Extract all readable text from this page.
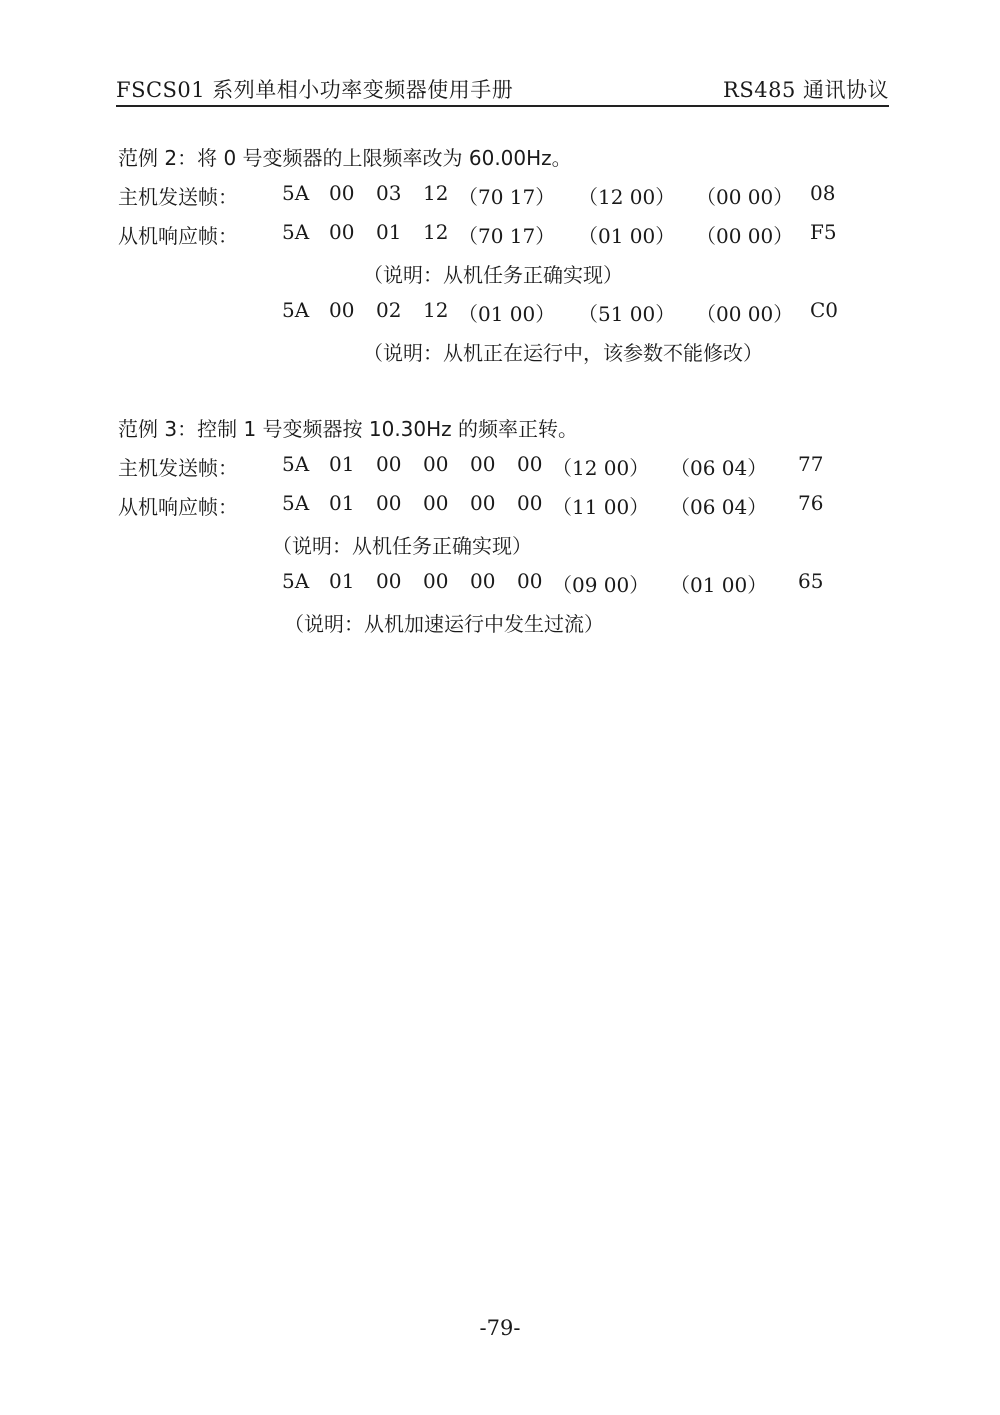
FSCS01 系列单相小功率变频器使用手册	RS485 通讯协议
范例 2：将 0 号变频器的上限频率改为 60.00Hz。
主机发送帧： 5A 00 03 12 （70 17） （12 00） （00 00） 08
从机响应帧： 5A 00 01 12 （70 17） （01 00） （00 00） F5
（说明：从机任务正确实现）
5A 00 02 12 （01 00） （51 00） （00 00） C0
（说明：从机正在运行中，该参数不能修改）
范例 3：控制 1 号变频器按 10.30Hz 的频率正转。
主机发送帧： 5A 01 00 00 00 00 （12 00） （06 04） 77
从机响应帧： 5A 01 00 00 00 00 （11 00） （06 04） 76
（说明：从机任务正确实现）
5A 01 00 00 00 00 （09 00） （01 00） 65
（说明：从机加速运行中发生过流）
-79-
